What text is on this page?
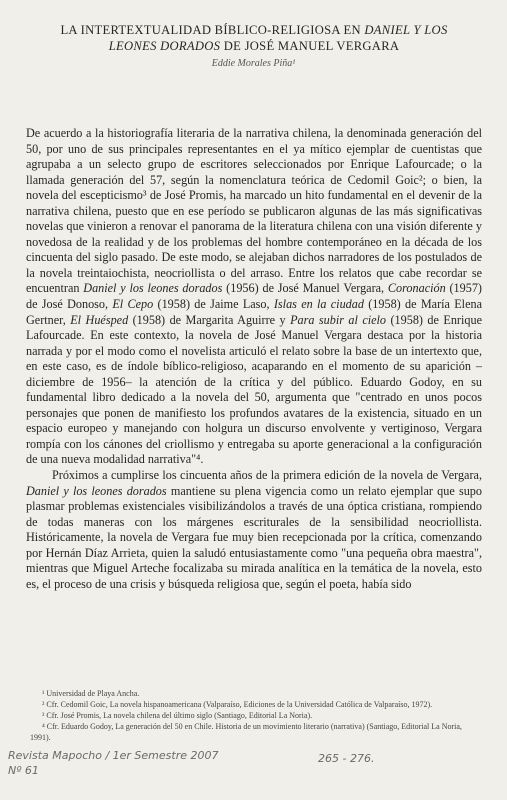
LA INTERTEXTUALIDAD BÍBLICO-RELIGIOSA EN DANIEL Y LOS
LEONES DORADOS DE JOSÉ MANUEL VERGARA
Eddie Morales Piña¹

De acuerdo a la historiografía literaria de la narrativa chilena, la denominada generación del 50, por uno de sus principales representantes en el ya mítico ejemplar de cuentistas que agrupaba a un selecto grupo de escritores seleccionados por Enrique Lafourcade; o la llamada generación del 57, según la nomenclatura teórica de Cedomil Goic²; o bien, la novela del escepticismo³ de José Promis, ha marcado un hito fundamental en el devenir de la narrativa chilena, puesto que en ese período se publicaron algunas de las más significativas novelas que vinieron a renovar el panorama de la literatura chilena con una visión diferente y novedosa de la realidad y de los problemas del hombre contemporáneo en la década de los cincuenta del siglo pasado. De este modo, se alejaban dichos narradores de los postulados de la novela treintaiochista, neocriollista o del arraso. Entre los relatos que cabe recordar se encuentran Daniel y los leones dorados (1956) de José Manuel Vergara, Coronación (1957) de José Donoso, El Cepo (1958) de Jaime Laso, Islas en la ciudad (1958) de María Elena Gertner, El Huésped (1958) de Margarita Aguirre y Para subir al cielo (1958) de Enrique Lafourcade. En este contexto, la novela de José Manuel Vergara destaca por la historia narrada y por el modo como el novelista articuló el relato sobre la base de un intertexto que, en este caso, es de índole bíblico-religioso, acaparando en el momento de su aparición –diciembre de 1956– la atención de la crítica y del público. Eduardo Godoy, en su fundamental libro dedicado a la novela del 50, argumenta que "centrado en unos pocos personajes que ponen de manifiesto los profundos avatares de la existencia, situado en un espacio europeo y manejando con holgura un discurso envolvente y vertiginoso, Vergara rompía con los cánones del criollismo y entregaba su aporte generacional a la configuración de una nueva modalidad narrativa"⁴.

Próximos a cumplirse los cincuenta años de la primera edición de la novela de Vergara, Daniel y los leones dorados mantiene su plena vigencia como un relato ejemplar que supo plasmar problemas existenciales visibilizándolos a través de una óptica cristiana, rompiendo de todas maneras con los márgenes escriturales de la sensibilidad neocriollista. Históricamente, la novela de Vergara fue muy bien recepcionada por la crítica, comenzando por Hernán Díaz Arrieta, quien la saludó entusiastamente como "una pequeña obra maestra", mientras que Miguel Arteche focalizaba su mirada analítica en la temática de la novela, esto es, el proceso de una crisis y búsqueda religiosa que, según el poeta, había sido

¹ Universidad de Playa Ancha.

² Cfr. Cedomil Goic, La novela hispanoamericana (Valparaíso, Ediciones de la Universidad Católica de Valparaíso, 1972).

³ Cfr. José Promis, La novela chilena del último siglo (Santiago, Editorial La Noria).

⁴ Cfr. Eduardo Godoy, La generación del 50 en Chile. Historia de un movimiento literario (narrativa) (Santiago, Editorial La Noria, 1991).

Revista Mapocho / 1er Semestre 2007
Nº 61
265 - 276.
